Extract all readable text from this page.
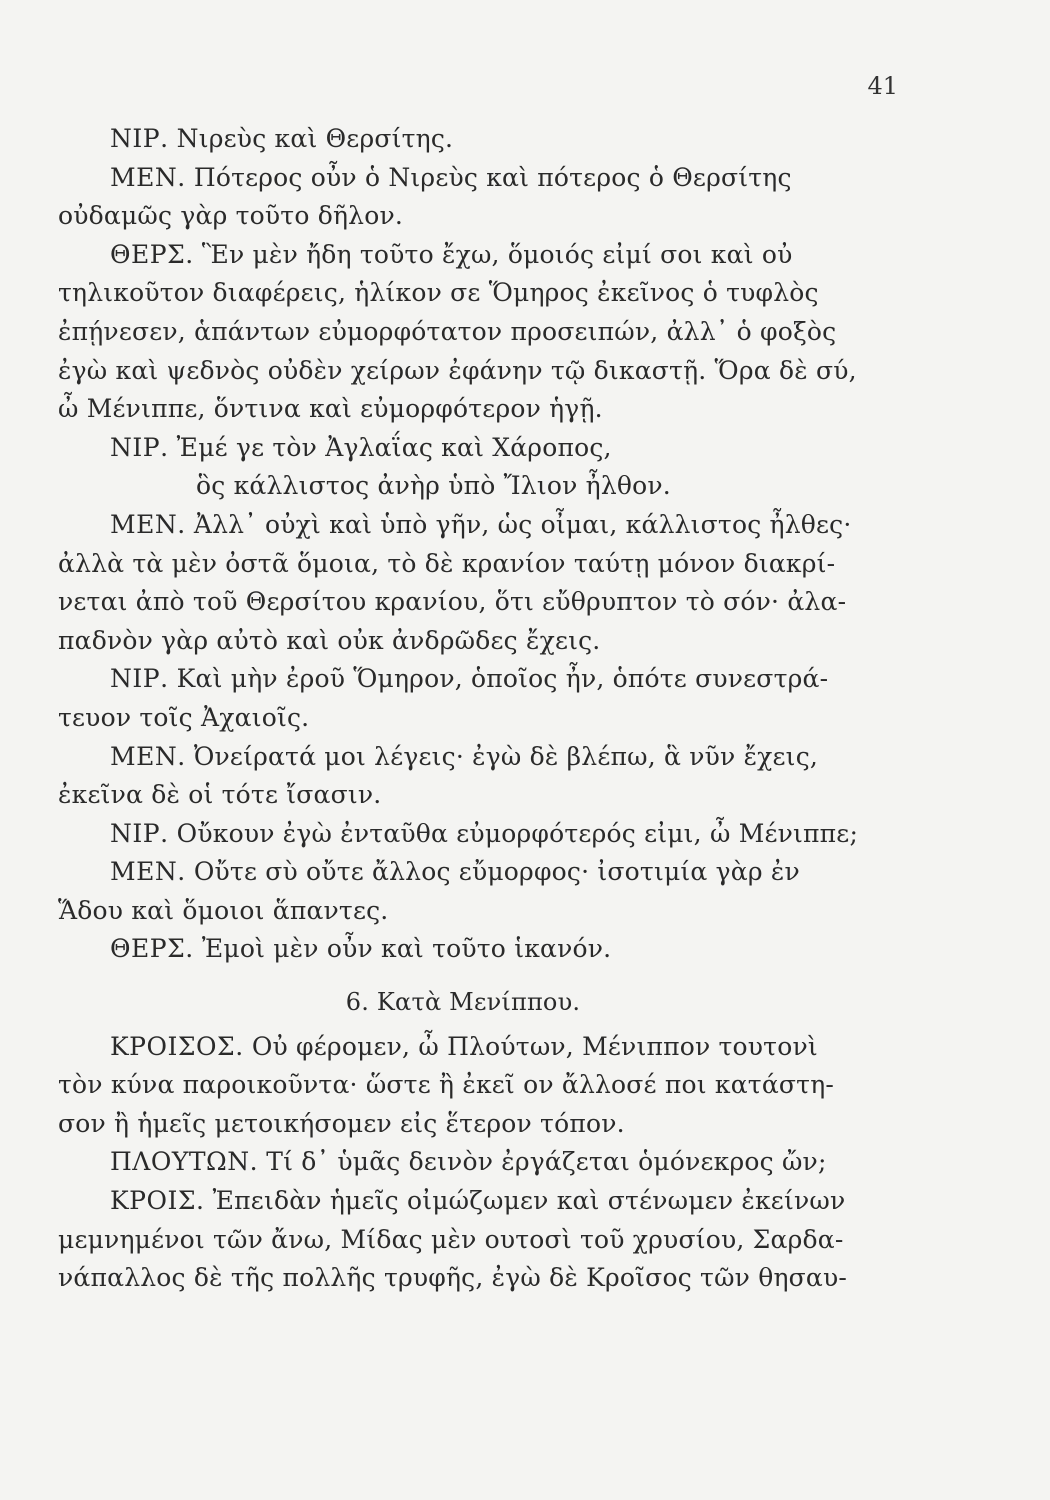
41
ΝΙΡ. Νιρεὺς καὶ Θερσίτης.
ΜΕΝ. Πότερος οὖν ὁ Νιρεὺς καὶ πότερος ὁ Θερσίτης
οὐδαμῶς γὰρ τοῦτο δῆλον.
ΘΕΡΣ. Ἓν μὲν ἤδη τοῦτο ἔχω, ὅμοιός εἰμί σοι καὶ οὐ
τηλικοῦτον διαφέρεις, ἡλίκον σε Ὅμηρος ἐκεῖνος ὁ τυφλὸς
ἐπῄνεσεν, ἁπάντων εὐμορφότατον προσειπών, ἀλλ᾽ ὁ φοξὸς
ἐγὼ καὶ ψεδνὸς οὐδὲν χείρων ἐφάνην τῷ δικαστῇ. Ὅρα δὲ σύ,
ὦ Μένιππε, ὅντινα καὶ εὐμορφότερον ἡγῇ.
ΝΙΡ. Ἐμέ γε τὸν Ἀγλαΐας καὶ Χάροπος,
ὃς κάλλιστος ἀνὴρ ὑπὸ Ἴλιον ἦλθον.
ΜΕΝ. Ἀλλ᾽ οὐχὶ καὶ ὑπὸ γῆν, ὡς οἶμαι, κάλλιστος ἦλθες·
ἀλλὰ τὰ μὲν ὀστᾶ ὅμοια, τὸ δὲ κρανίον ταύτῃ μόνον διακρί-
νεται ἀπὸ τοῦ Θερσίτου κρανίου, ὅτι εὔθρυπτον τὸ σόν· ἀλα-
παδνὸν γὰρ αὐτὸ καὶ οὐκ ἀνδρῶδες ἔχεις.
ΝΙΡ. Καὶ μὴν ἐροῦ Ὅμηρον, ὁποῖος ἦν, ὁπότε συνεστρά-
τευον τοῖς Ἀχαιοῖς.
ΜΕΝ. Ὀνείρατά μοι λέγεις· ἐγὼ δὲ βλέπω, ἃ νῦν ἔχεις,
ἐκεῖνα δὲ οἱ τότε ἴσασιν.
ΝΙΡ. Οὔκουν ἐγὼ ἐνταῦθα εὐμορφότερός εἰμι, ὦ Μένιππε;
ΜΕΝ. Οὔτε σὺ οὔτε ἄλλος εὔμορφος· ἰσοτιμία γὰρ ἐν
Ἅδου καὶ ὅμοιοι ἅπαντες.
ΘΕΡΣ. Ἐμοὶ μὲν οὖν καὶ τοῦτο ἱκανόν.
6. Κατὰ Μενίππου.
ΚΡΟΙΣΟΣ. Οὐ φέρομεν, ὦ Πλούτων, Μένιππον τουτονὶ
τὸν κύνα παροικοῦντα· ὥστε ἢ ἐκεῖ ον ἄλλοσέ ποι κατάστη-
σον ἢ ἡμεῖς μετοικήσομεν εἰς ἕτερον τόπον.
ΠΛΟΥΤΩΝ. Τί δ᾽ ὑμᾶς δεινὸν ἐργάζεται ὁμόνεκρος ὤν;
ΚΡΟΙΣ. Ἐπειδὰν ἡμεῖς οἰμώζωμεν καὶ στένωμεν ἐκείνων
μεμνημένοι τῶν ἄνω, Μίδας μὲν ουτοσὶ τοῦ χρυσίου, Σαρδα-
νάπαλλος δὲ τῆς πολλῆς τρυφῆς, ἐγὼ δὲ Κροῖσος τῶν θησαυ-
